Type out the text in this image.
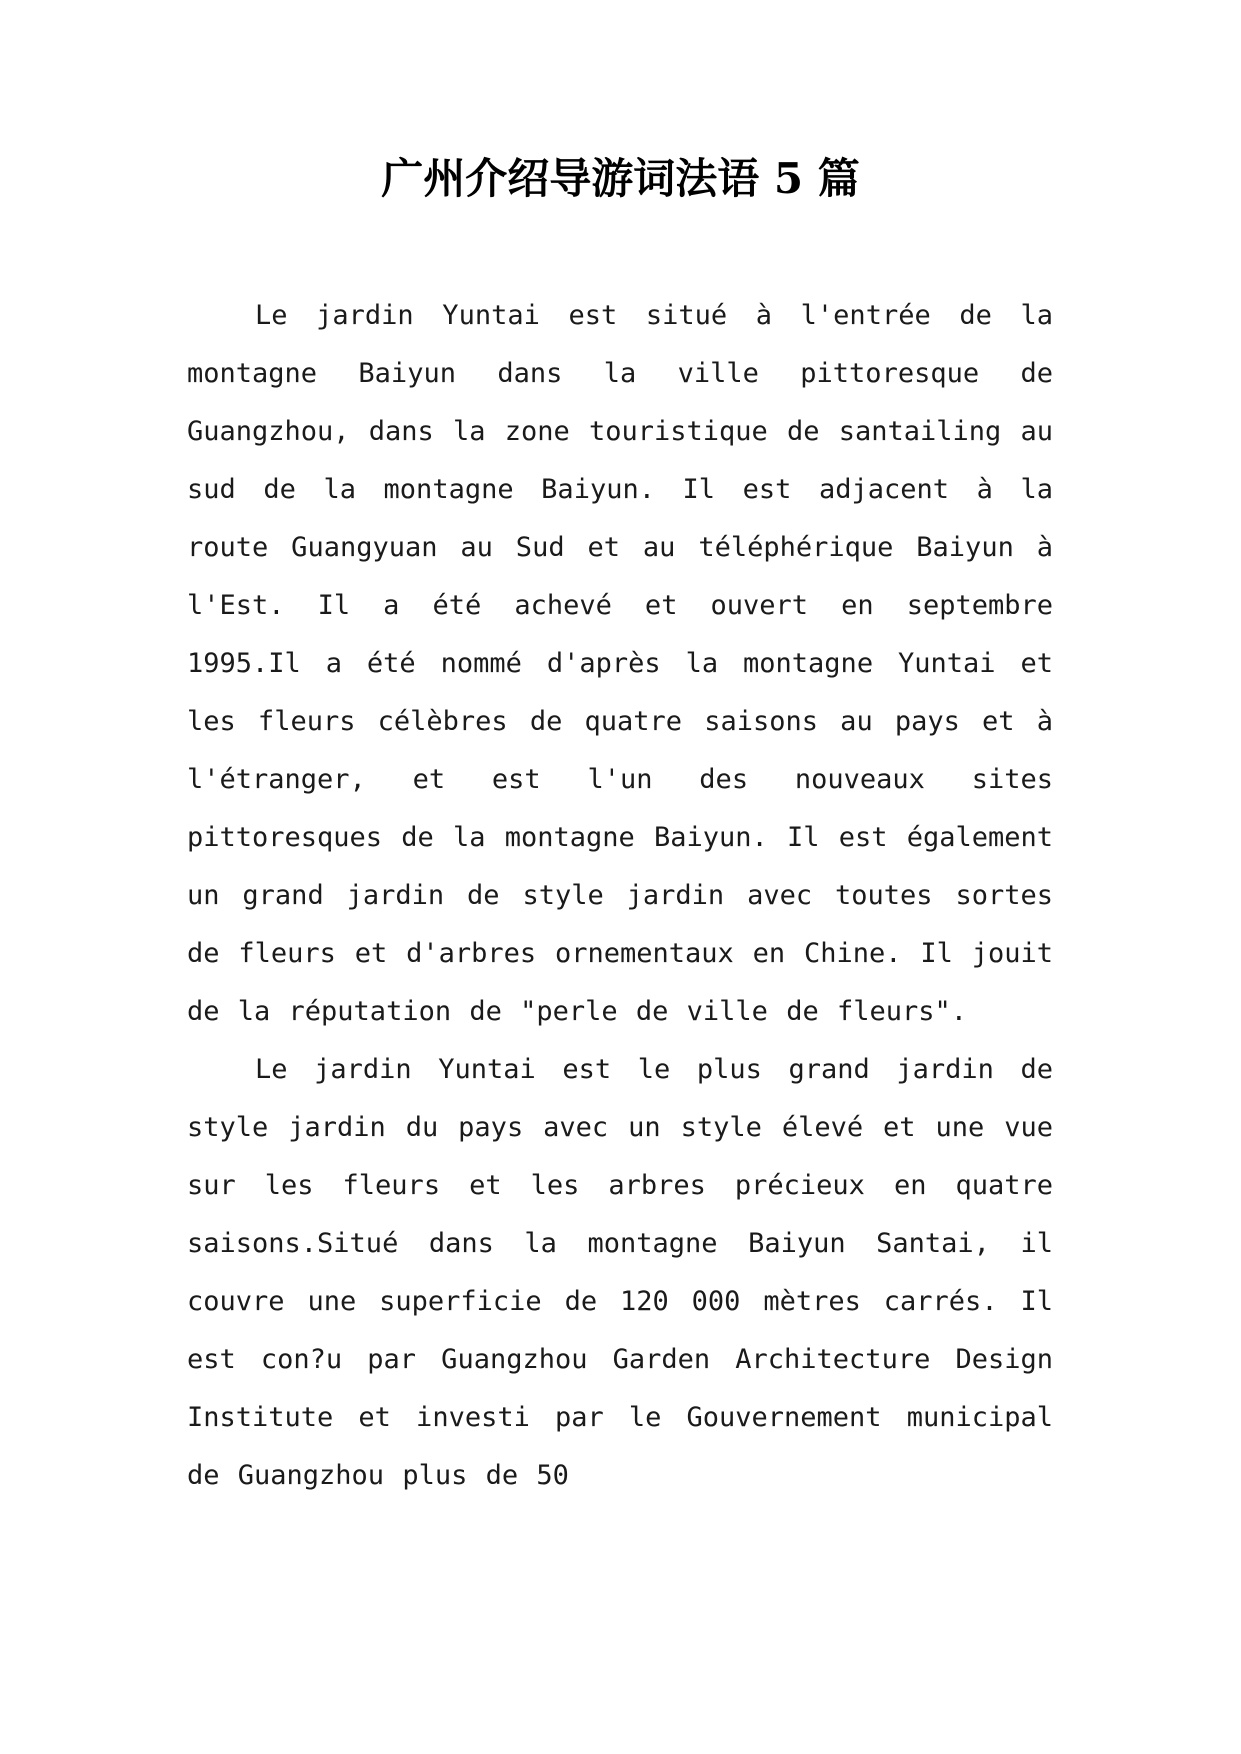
广州介绍导游词法语 5 篇

Le jardin Yuntai est situé à l'entrée de la montagne Baiyun dans la ville pittoresque de Guangzhou, dans la zone touristique de santailing au sud de la montagne Baiyun. Il est adjacent à la route Guangyuan au Sud et au téléphérique Baiyun à l'Est. Il a été achevé et ouvert en septembre 1995.Il a été nommé d'après la montagne Yuntai et les fleurs célèbres de quatre saisons au pays et à l'étranger, et est l'un des nouveaux sites pittoresques de la montagne Baiyun. Il est également un grand jardin de style jardin avec toutes sortes de fleurs et d'arbres ornementaux en Chine. Il jouit de la réputation de "perle de ville de fleurs".

Le jardin Yuntai est le plus grand jardin de style jardin du pays avec un style élevé et une vue sur les fleurs et les arbres précieux en quatre saisons.Situé dans la montagne Baiyun Santai, il couvre une superficie de 120 000 mètres carrés. Il est con?u par Guangzhou Garden Architecture Design Institute et investi par le Gouvernement municipal de Guangzhou plus de 50
